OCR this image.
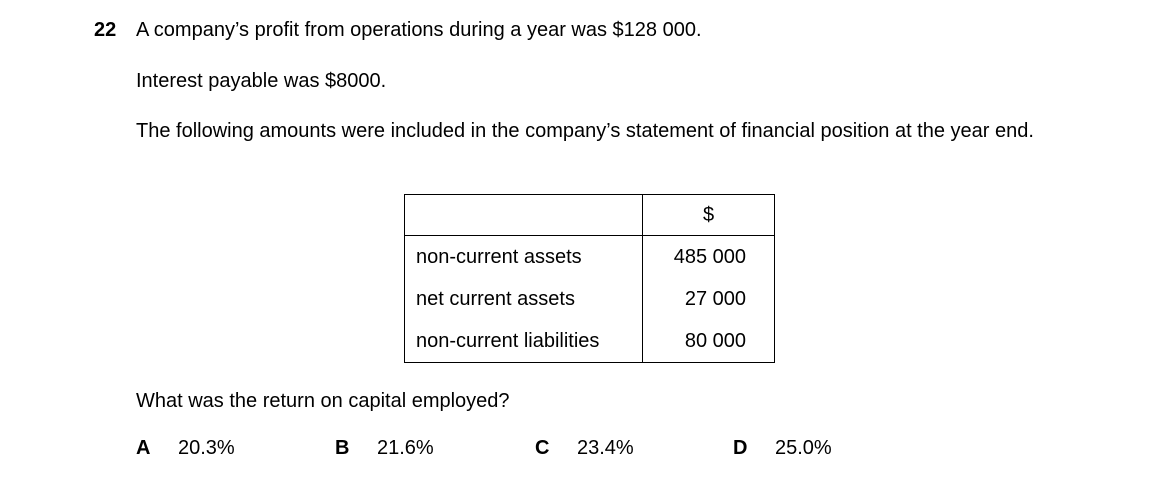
22 A company’s profit from operations during a year was $128 000.
Interest payable was $8000.
The following amounts were included in the company’s statement of financial position at the year end.
	$
non-current assets	485 000
net current assets	27 000
non-current liabilities	80 000
What was the return on capital employed?
A 20.3%	B 21.6%	C 23.4%	D 25.0%
